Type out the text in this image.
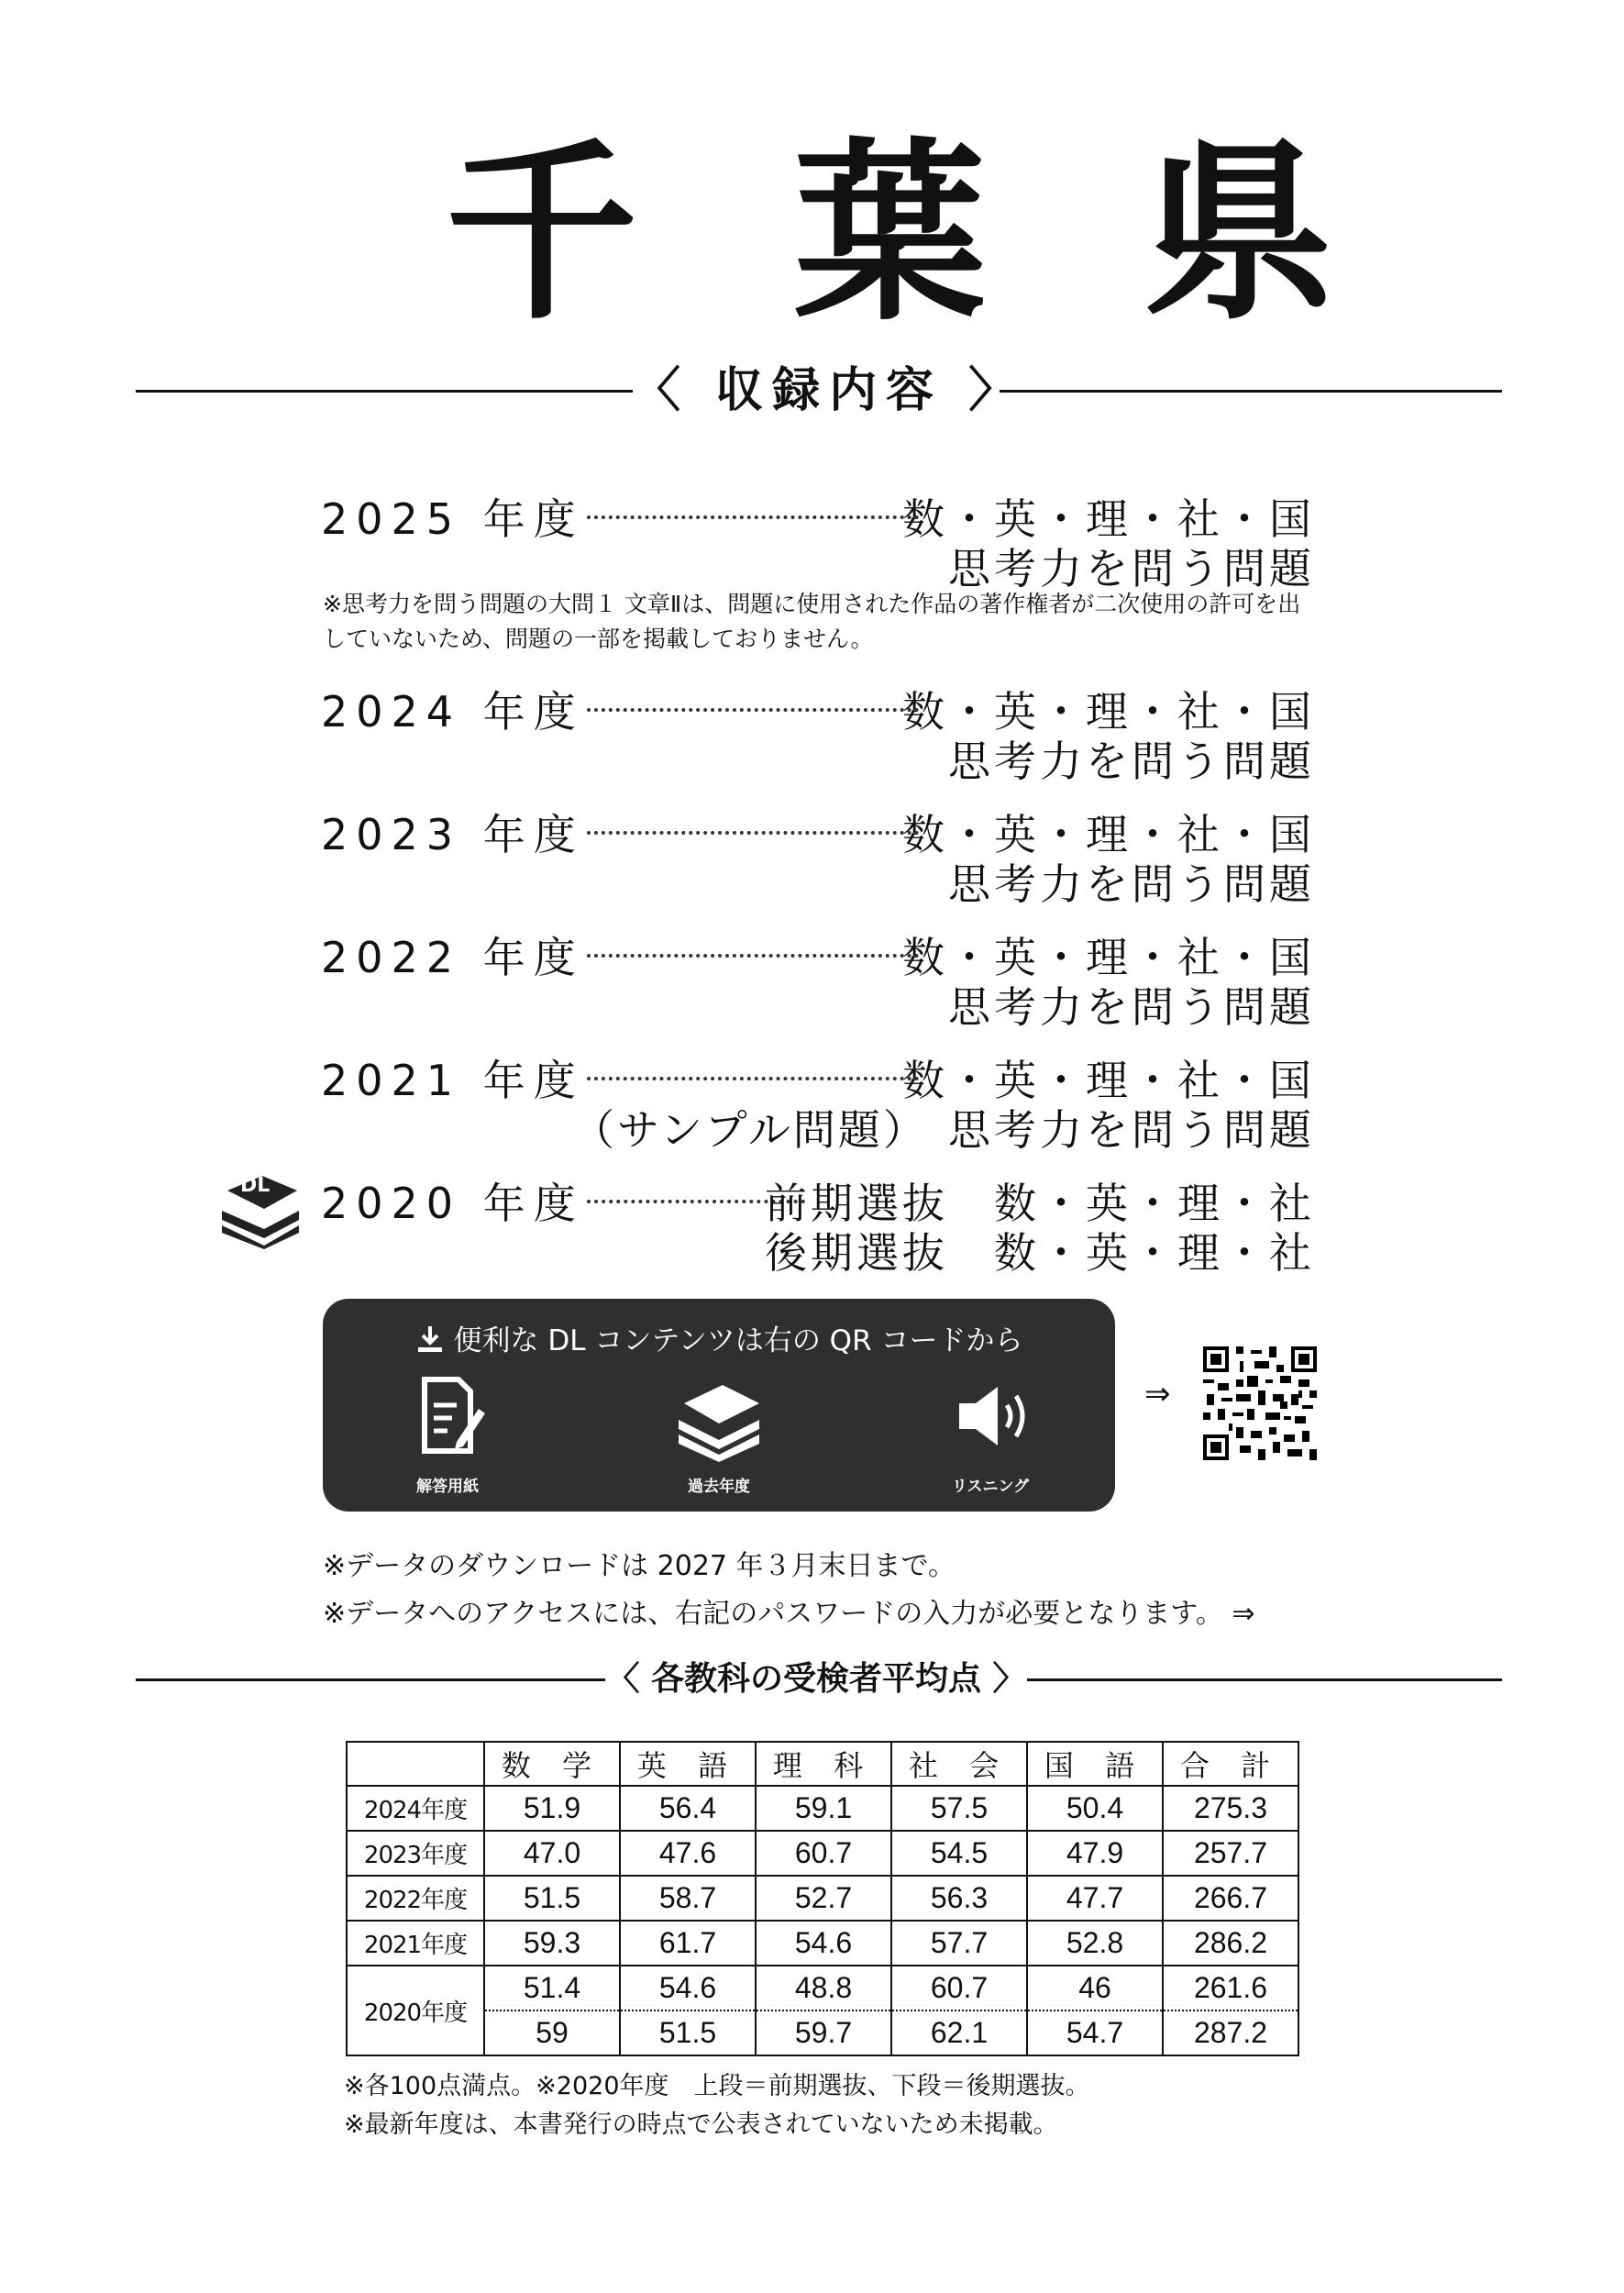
千葉県
〈 収録内容 〉
2025 年度	数・英・理・社・国
思考力を問う問題
※思考力を問う問題の大問１ 文章Ⅱは、問題に使用された作品の著作権者が二次使用の許可を出していないため、問題の一部を掲載しておりません。
2024 年度	数・英・理・社・国
思考力を問う問題
2023 年度	数・英・理・社・国
思考力を問う問題
2022 年度	数・英・理・社・国
思考力を問う問題
2021 年度	数・英・理・社・国
（サンプル問題） 思考力を問う問題
DL 2020 年度	前期選抜　数・英・理・社
後期選抜　数・英・理・社
便利な DL コンテンツは右の QR コードから
解答用紙	過去年度	リスニング
⇒
※データのダウンロードは 2027 年３月末日まで。
※データへのアクセスには、右記のパスワードの入力が必要となります。 ⇒
〈 各教科の受検者平均点 〉
	数 学	英 語	理 科	社 会	国 語	合 計
2024年度	51.9	56.4	59.1	57.5	50.4	275.3
2023年度	47.0	47.6	60.7	54.5	47.9	257.7
2022年度	51.5	58.7	52.7	56.3	47.7	266.7
2021年度	59.3	61.7	54.6	57.7	52.8	286.2
2020年度	51.4	54.6	48.8	60.7	46	261.6
	59	51.5	59.7	62.1	54.7	287.2
※各100点満点。※2020年度　上段＝前期選抜、下段＝後期選抜。
※最新年度は、本書発行の時点で公表されていないため未掲載。
